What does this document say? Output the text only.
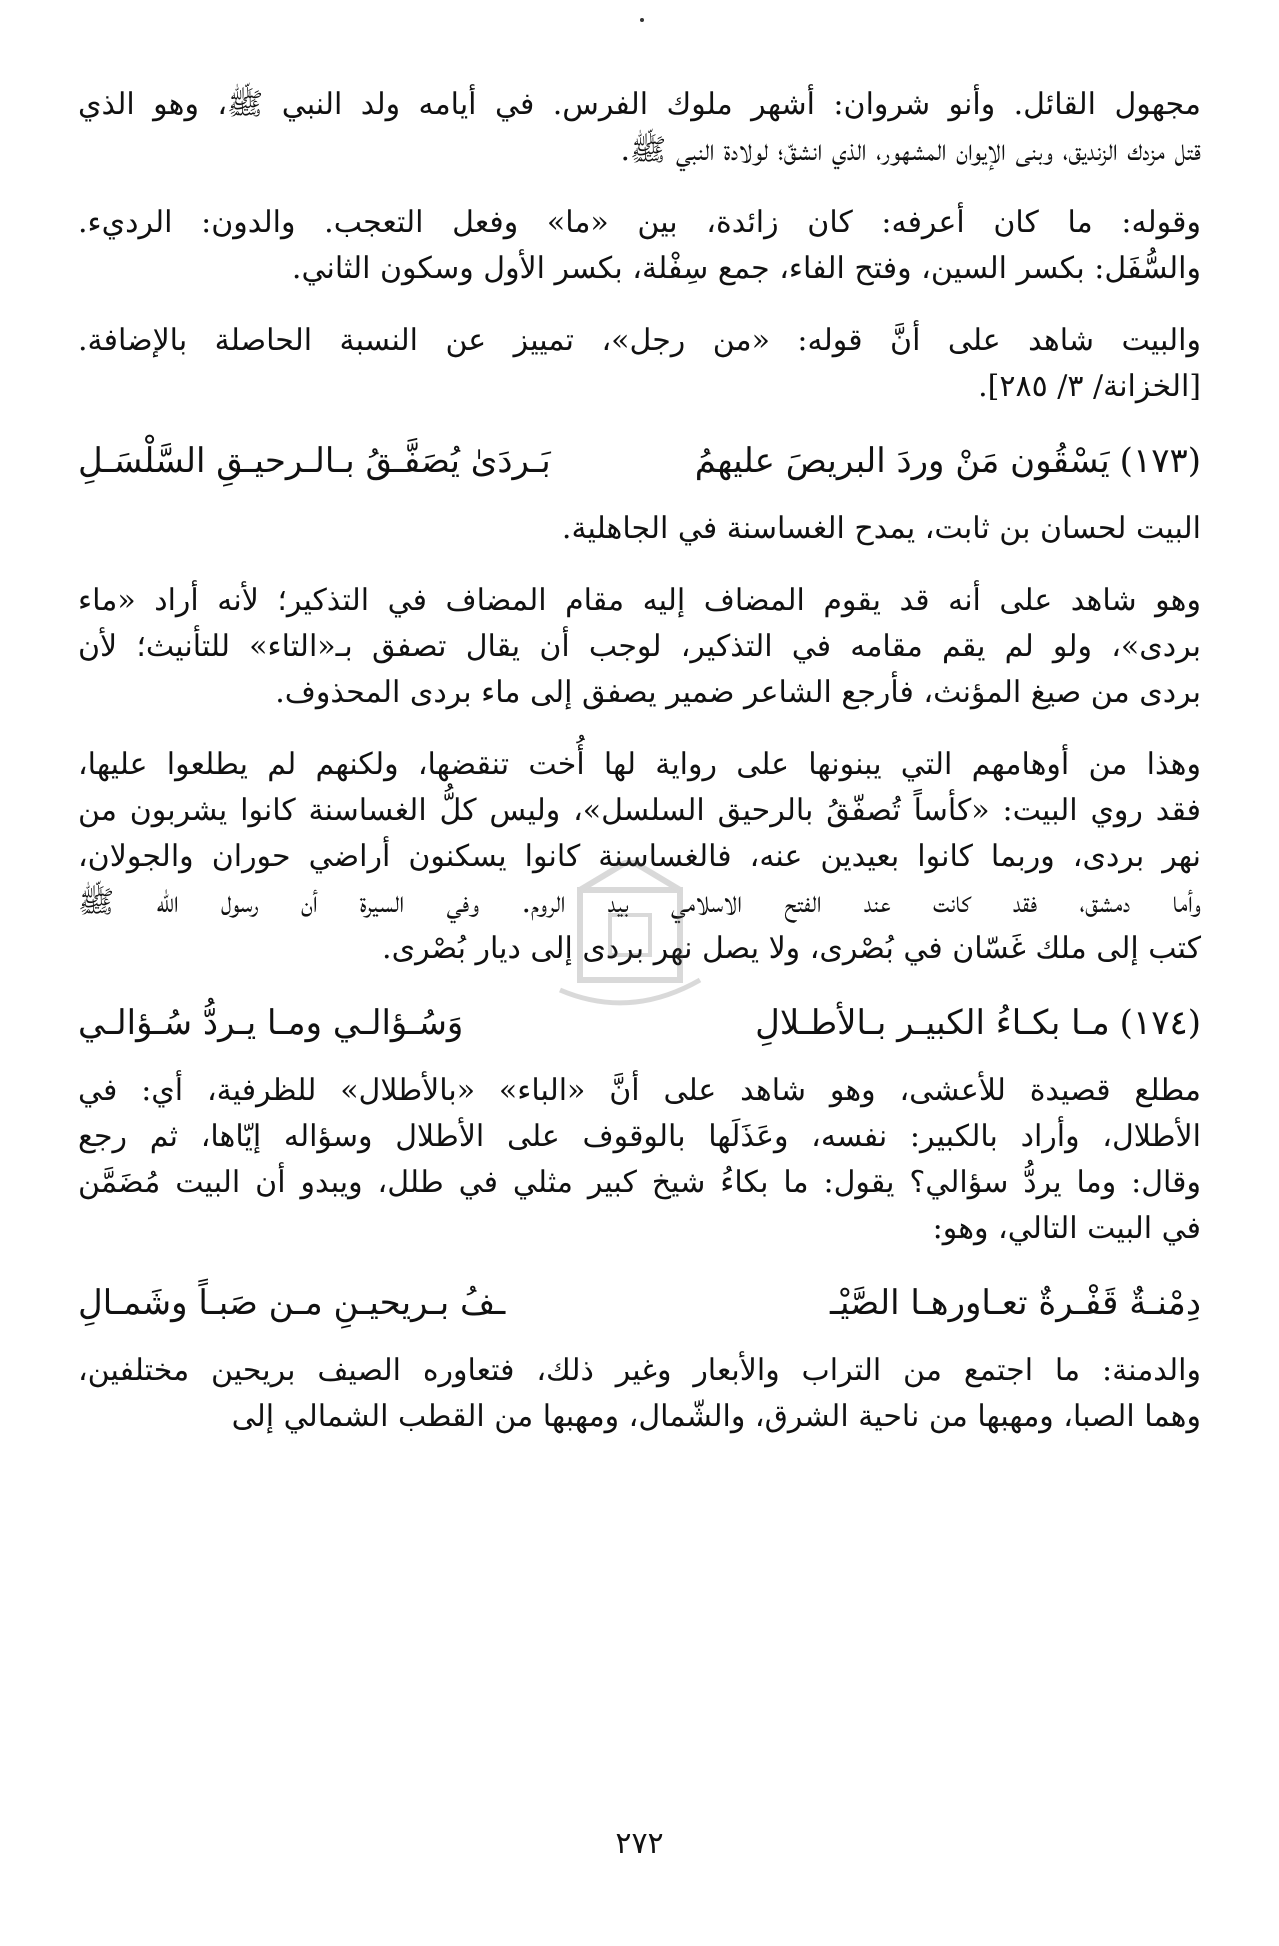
مجهول القائل. وأنو شروان: أشهر ملوك الفرس. في أيامه ولد النبي ﷺ، وهو الذي
قتل مزدك الزنديق، وبنى الإيوان المشهور، الذي انشقّ؛ لولادة النبي ﷺ.
وقوله: ما كان أعرفه: كان زائدة، بين «ما» وفعل التعجب. والدون: الرديء.
والسُّفَل: بكسر السين، وفتح الفاء، جمع سِفْلة، بكسر الأول وسكون الثاني.
والبيت شاهد على أنَّ قوله: «من رجل»، تمييز عن النسبة الحاصلة بالإضافة.
[الخزانة/ ٣/ ٢٨٥].
(١٧٣)يَسْقُون مَنْ وردَ البريصَ عليهمُ
بَـردَىٰ يُصَفَّـقُ بـالـرحيـقِ السَّلْسَـلِ
البيت لحسان بن ثابت، يمدح الغساسنة في الجاهلية.
وهو شاهد على أنه قد يقوم المضاف إليه مقام المضاف في التذكير؛ لأنه أراد «ماء
بردى»، ولو لم يقم مقامه في التذكير، لوجب أن يقال تصفق بـ«التاء» للتأنيث؛ لأن
بردى من صيغ المؤنث، فأرجع الشاعر ضمير يصفق إلى ماء بردى المحذوف.
وهذا من أوهامهم التي يبنونها على رواية لها أُخت تنقضها، ولكنهم لم يطلعوا عليها،
فقد روي البيت: «كأساً تُصفّقُ بالرحيق السلسل»، وليس كلُّ الغساسنة كانوا يشربون من
نهر بردى، وربما كانوا بعيدين عنه، فالغساسنة كانوا يسكنون أراضي حوران والجولان،
وأما دمشق، فقد كانت عند الفتح الاسلامي بيد الروم. وفي السيرة أن رسول الله ﷺ
كتب إلى ملك غَسّان في بُصْرى، ولا يصل نهر بردى إلى ديار بُصْرى.
(١٧٤)مـا بكـاءُ الكبيـر بـالأطـلالِ
وَسُـؤالـي ومـا يـردُّ سُـؤالـي
مطلع قصيدة للأعشى، وهو شاهد على أنَّ «الباء» «بالأطلال» للظرفية، أي: في
الأطلال، وأراد بالكبير: نفسه، وعَذَلَها بالوقوف على الأطلال وسؤاله إيّاها، ثم رجع
وقال: وما يردُّ سؤالي؟ يقول: ما بكاءُ شيخ كبير مثلي في طلل، ويبدو أن البيت مُضَمَّن
في البيت التالي، وهو:
دِمْنـةٌ قَفْـرةٌ تعـاورهـا الصَّيْـ
ـفُ بـريحيـنِ مـن صَبـاً وشَمـالِ
والدمنة: ما اجتمع من التراب والأبعار وغير ذلك، فتعاوره الصيف بريحين مختلفين،
وهما الصبا، ومهبها من ناحية الشرق، والشّمال، ومهبها من القطب الشمالي إلى
٢٧٢
